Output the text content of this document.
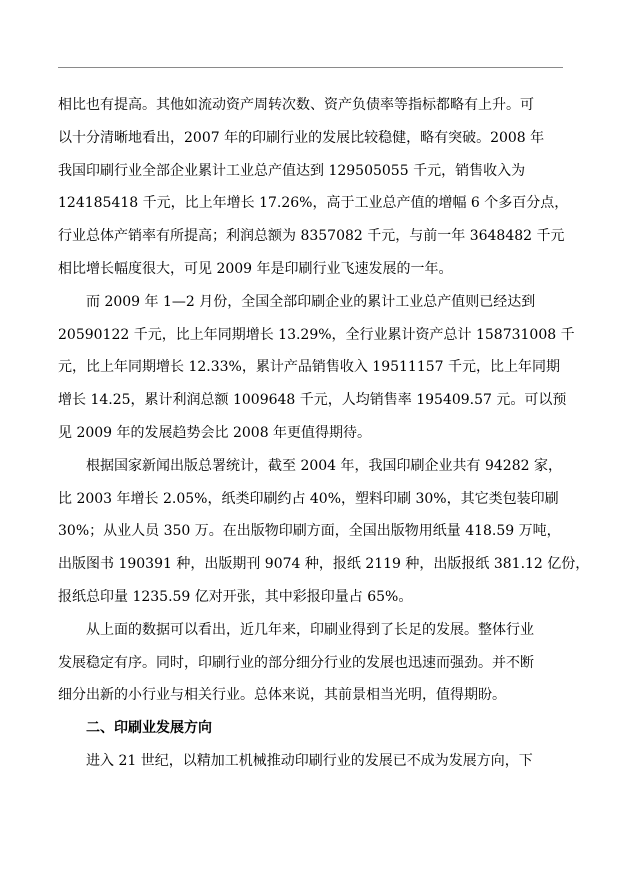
相比也有提高。其他如流动资产周转次数、资产负债率等指标都略有上升。可
以十分清晰地看出，2007 年的印刷行业的发展比较稳健，略有突破。2008 年
我国印刷行业全部企业累计工业总产值达到 129505055 千元，销售收入为
124185418 千元，比上年增长 17.26%，高于工业总产值的增幅 6 个多百分点，
行业总体产销率有所提高；利润总额为 8357082 千元，与前一年 3648482 千元
相比增长幅度很大，可见 2009 年是印刷行业飞速发展的一年。
而 2009 年 1—2 月份，全国全部印刷企业的累计工业总产值则已经达到
20590122 千元，比上年同期增长 13.29%，全行业累计资产总计 158731008 千
元，比上年同期增长 12.33%，累计产品销售收入 19511157 千元，比上年同期
增长 14.25，累计利润总额 1009648 千元，人均销售率 195409.57 元。可以预
见 2009 年的发展趋势会比 2008 年更值得期待。
根据国家新闻出版总署统计，截至 2004 年，我国印刷企业共有 94282 家，
比 2003 年增长 2.05%，纸类印刷约占 40%，塑料印刷 30%，其它类包装印刷
30%；从业人员 350 万。在出版物印刷方面，全国出版物用纸量 418.59 万吨，
出版图书 190391 种，出版期刊 9074 种，报纸 2119 种，出版报纸 381.12 亿份，
报纸总印量 1235.59 亿对开张，其中彩报印量占 65%。
从上面的数据可以看出，近几年来，印刷业得到了长足的发展。整体行业
发展稳定有序。同时，印刷行业的部分细分行业的发展也迅速而强劲。并不断
细分出新的小行业与相关行业。总体来说，其前景相当光明，值得期盼。
二、印刷业发展方向
进入 21 世纪，以精加工机械推动印刷行业的发展已不成为发展方向，下
